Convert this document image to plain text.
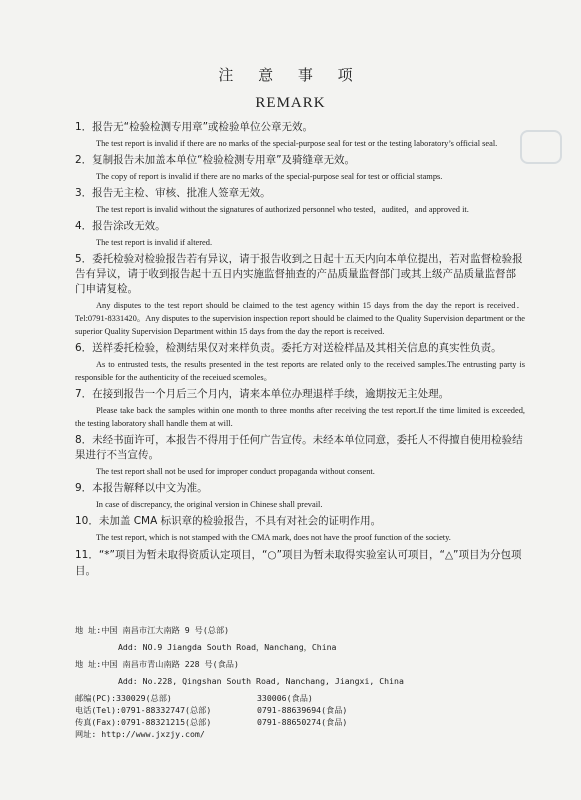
注 意 事 项
REMARK
1．报告无“检验检测专用章”或检验单位公章无效。
The test report is invalid if there are no marks of the special-purpose seal for test or the testing laboratory’s official seal.
2．复制报告未加盖本单位“检验检测专用章”及骑缝章无效。
The copy of report is invalid if there are no marks of the special-purpose seal for test or official stamps.
3．报告无主检、审核、批准人签章无效。
The test report is invalid without the signatures of authorized personnel who tested，audited，and approved it.
4．报告涂改无效。
The test report is invalid if altered.
5．委托检验对检验报告若有异议，请于报告收到之日起十五天内向本单位提出，若对监督检验报告有异议，请于收到报告起十五日内实施监督抽查的产品质量监督部门或其上级产品质量监督部门申请复检。
Any disputes to the test report should be claimed to the test agency within 15 days from the day the report is received．Tel:0791-8331420。Any disputes to the supervision inspection report should be claimed to the Quality Supervision department or the superior Quality Supervision Department within 15 days from the day the report is received.
6．送样委托检验，检测结果仅对来样负责。委托方对送检样品及其相关信息的真实性负责。
As to entrusted tests, the results presented in the test reports are related only to the received samples.The entrusting party is responsible for the authenticity of the receiued scemoles。
7．在接到报告一个月后三个月内，请来本单位办理退样手续，逾期按无主处理。
Please take back the samples within one month to three months after receiving the test report.If the time limited is exceeded, the testing laboratory shall handle them at will.
8．未经书面许可，本报告不得用于任何广告宣传。未经本单位同意，委托人不得擅自使用检验结果进行不当宣传。
The test report shall not be used for improper conduct propaganda without consent.
9．本报告解释以中文为准。
In case of discrepancy, the original version in Chinese shall prevail.
10．未加盖 CMA 标识章的检验报告，不具有对社会的证明作用。
The test report, which is not stamped with the CMA mark, does not have the proof function of the society.
11．“*”项目为暂未取得资质认定项目，“○”项目为暂未取得实验室认可项目，“△”项目为分包项目。
地 址:中国 南昌市江大南路 9 号(总部)
Add: NO.9 Jiangda South Road，Nanchang，China
地 址:中国 南昌市青山南路 228 号(食品)
Add: No.228, Qingshan South Road, Nanchang, Jiangxi, China
邮编(PC):330029(总部)	330006(食品)
电话(Tel):0791-88332747(总部)	0791-88639694(食品)
传真(Fax):0791-88321215(总部)	0791-88650274(食品)
网址: http://www.jxzjy.com/
